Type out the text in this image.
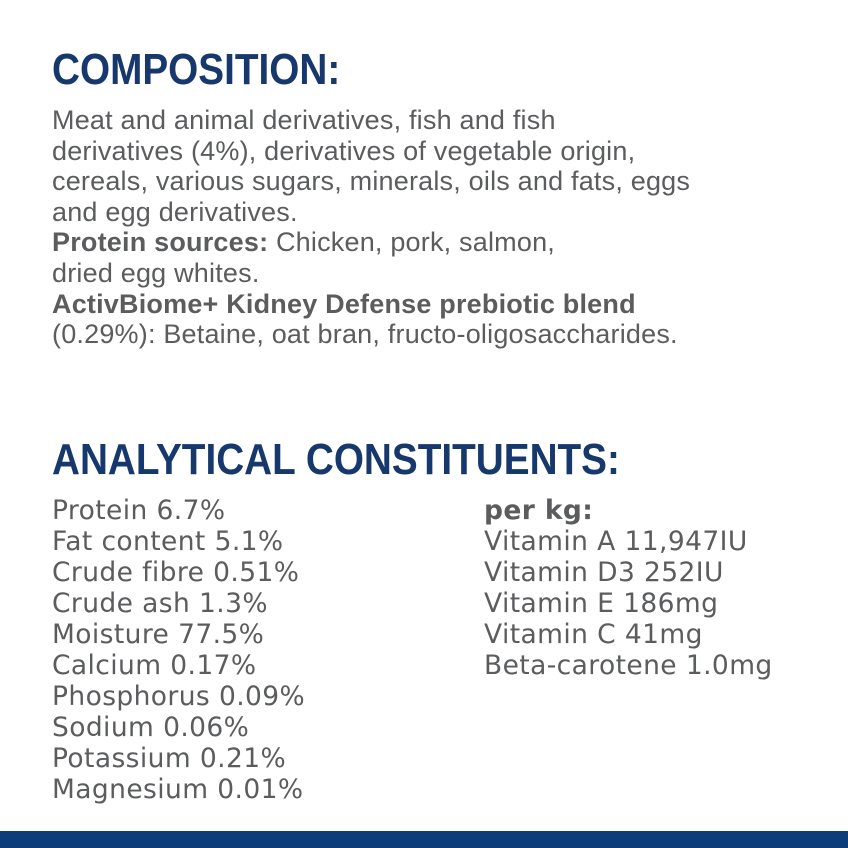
COMPOSITION:
Meat and animal derivatives, fish and fish
derivatives (4%), derivatives of vegetable origin,
cereals, various sugars, minerals, oils and fats, eggs
and egg derivatives.
Protein sources: Chicken, pork, salmon,
dried egg whites.
ActivBiome+ Kidney Defense prebiotic blend
(0.29%): Betaine, oat bran, fructo-oligosaccharides.
ANALYTICAL CONSTITUENTS:
Protein 6.7%
Fat content 5.1%
Crude fibre 0.51%
Crude ash 1.3%
Moisture 77.5%
Calcium 0.17%
Phosphorus 0.09%
Sodium 0.06%
Potassium 0.21%
Magnesium 0.01%
per kg:
Vitamin A 11,947IU
Vitamin D3 252IU
Vitamin E 186mg
Vitamin C 41mg
Beta-carotene 1.0mg
